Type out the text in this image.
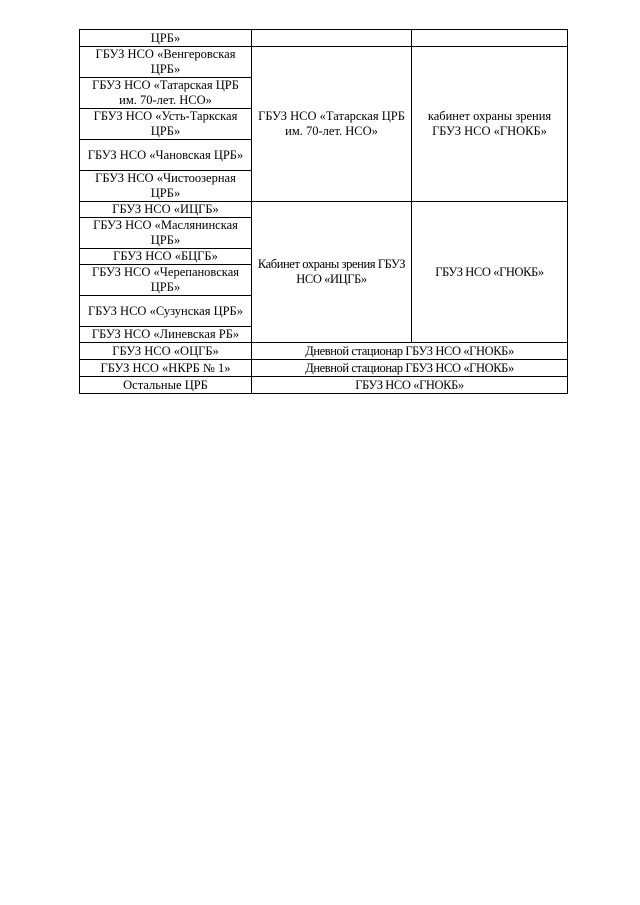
ЦРБ»		
ГБУЗ НСО «Венгеровская ЦРБ»	ГБУЗ НСО «Татарская ЦРБ им. 70-лет. НСО»	кабинет охраны зрения ГБУЗ НСО «ГНОКБ»
ГБУЗ НСО «Татарская ЦРБ им. 70-лет. НСО»		
ГБУЗ НСО «Усть-Таркская ЦРБ»		
ГБУЗ НСО «Чановская ЦРБ»		
ГБУЗ НСО «Чистоозерная ЦРБ»		
ГБУЗ НСО «ИЦГБ»	Кабинет охраны зрения ГБУЗ НСО «ИЦГБ»	ГБУЗ НСО «ГНОКБ»
ГБУЗ НСО «Маслянинская ЦРБ»		
ГБУЗ НСО «БЦГБ»		
ГБУЗ НСО «Черепановская ЦРБ»		
ГБУЗ НСО «Сузунская ЦРБ»		
ГБУЗ НСО «Линевская РБ»		
ГБУЗ НСО «ОЦГБ»	Дневной стационар ГБУЗ НСО «ГНОКБ»	
ГБУЗ НСО «НКРБ № 1»	Дневной стационар ГБУЗ НСО «ГНОКБ»	
Остальные ЦРБ	ГБУЗ НСО «ГНОКБ»	
